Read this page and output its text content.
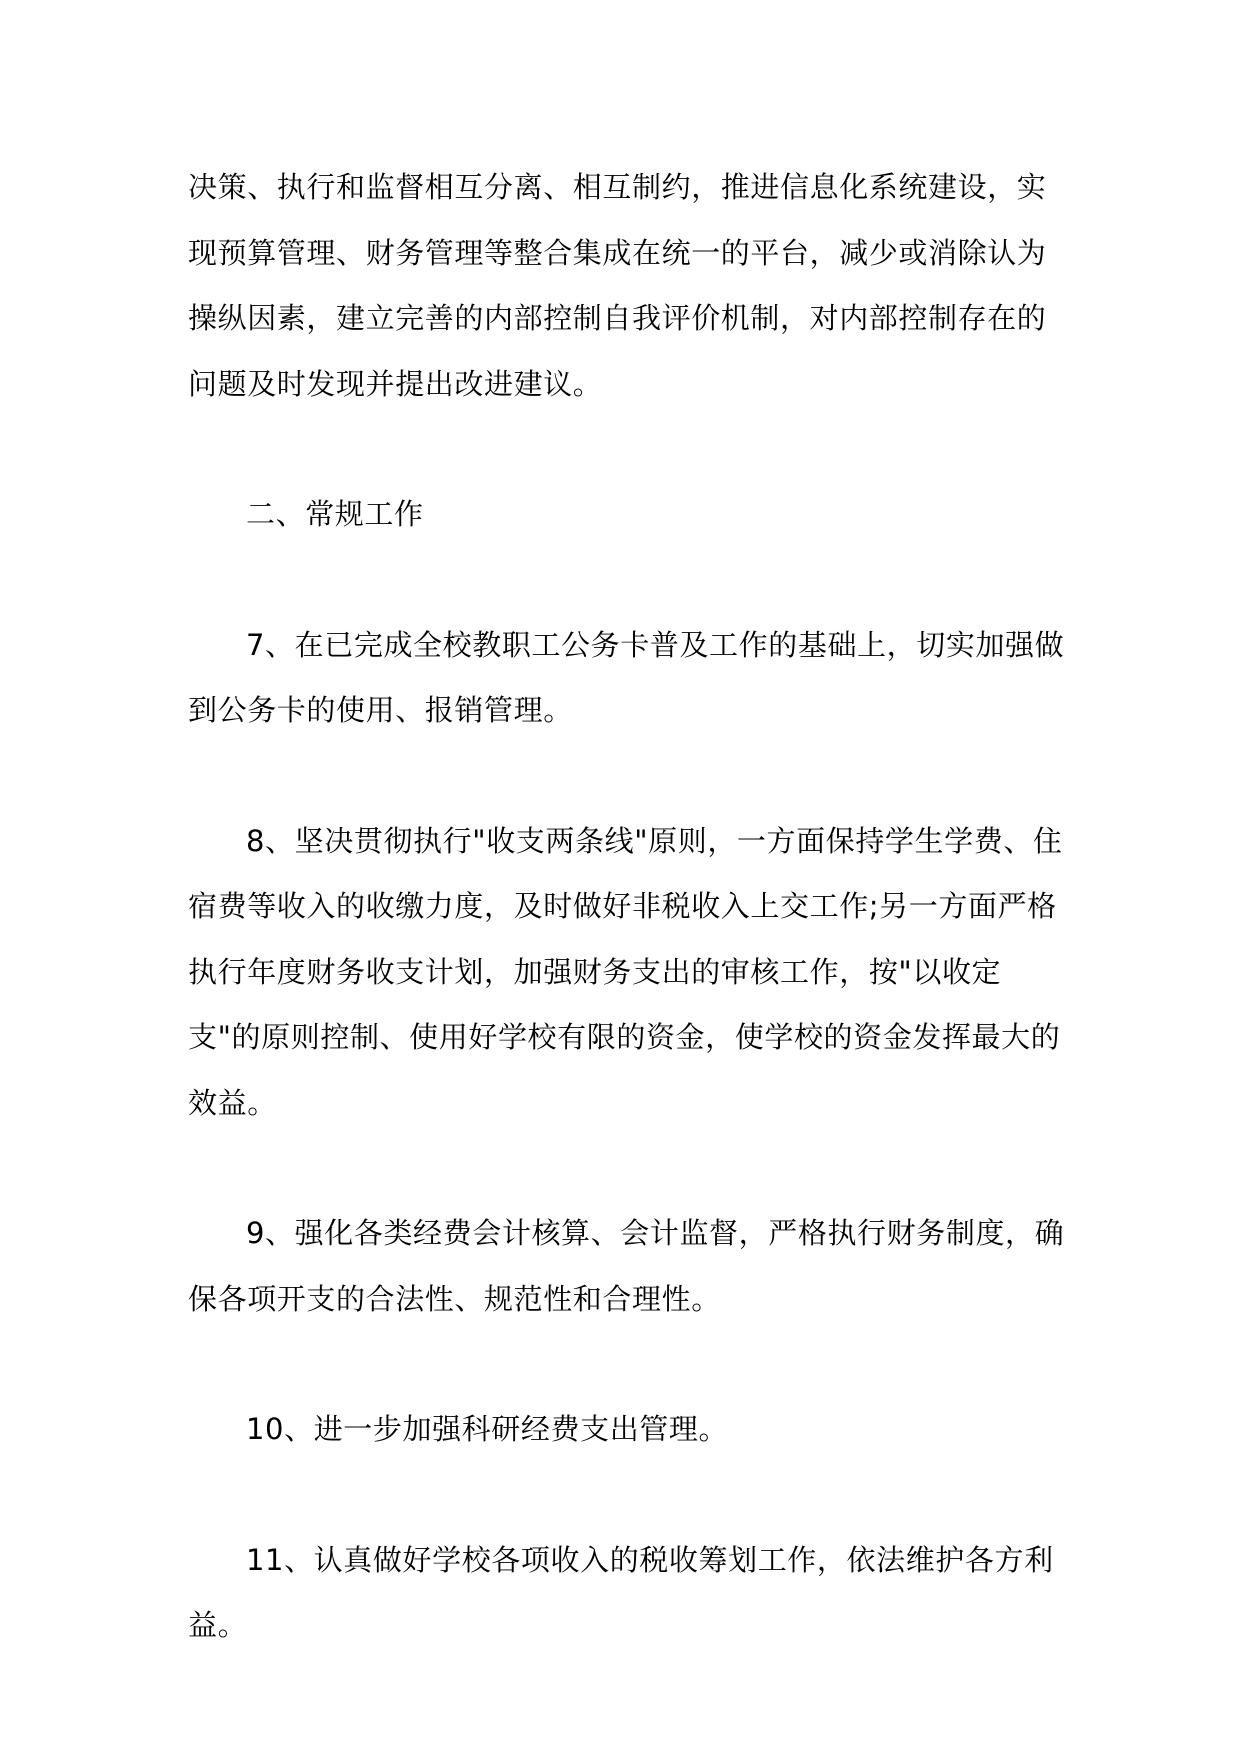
决策、执行和监督相互分离、相互制约，推进信息化系统建设，实现预算管理、财务管理等整合集成在统一的平台，减少或消除认为操纵因素，建立完善的内部控制自我评价机制，对内部控制存在的问题及时发现并提出改进建议。

二、常规工作

7、在已完成全校教职工公务卡普及工作的基础上，切实加强做到公务卡的使用、报销管理。

8、坚决贯彻执行"收支两条线"原则，一方面保持学生学费、住宿费等收入的收缴力度，及时做好非税收入上交工作;另一方面严格执行年度财务收支计划，加强财务支出的审核工作，按"以收定支"的原则控制、使用好学校有限的资金，使学校的资金发挥最大的效益。

9、强化各类经费会计核算、会计监督，严格执行财务制度，确保各项开支的合法性、规范性和合理性。

10、进一步加强科研经费支出管理。

11、认真做好学校各项收入的税收筹划工作，依法维护各方利益。
